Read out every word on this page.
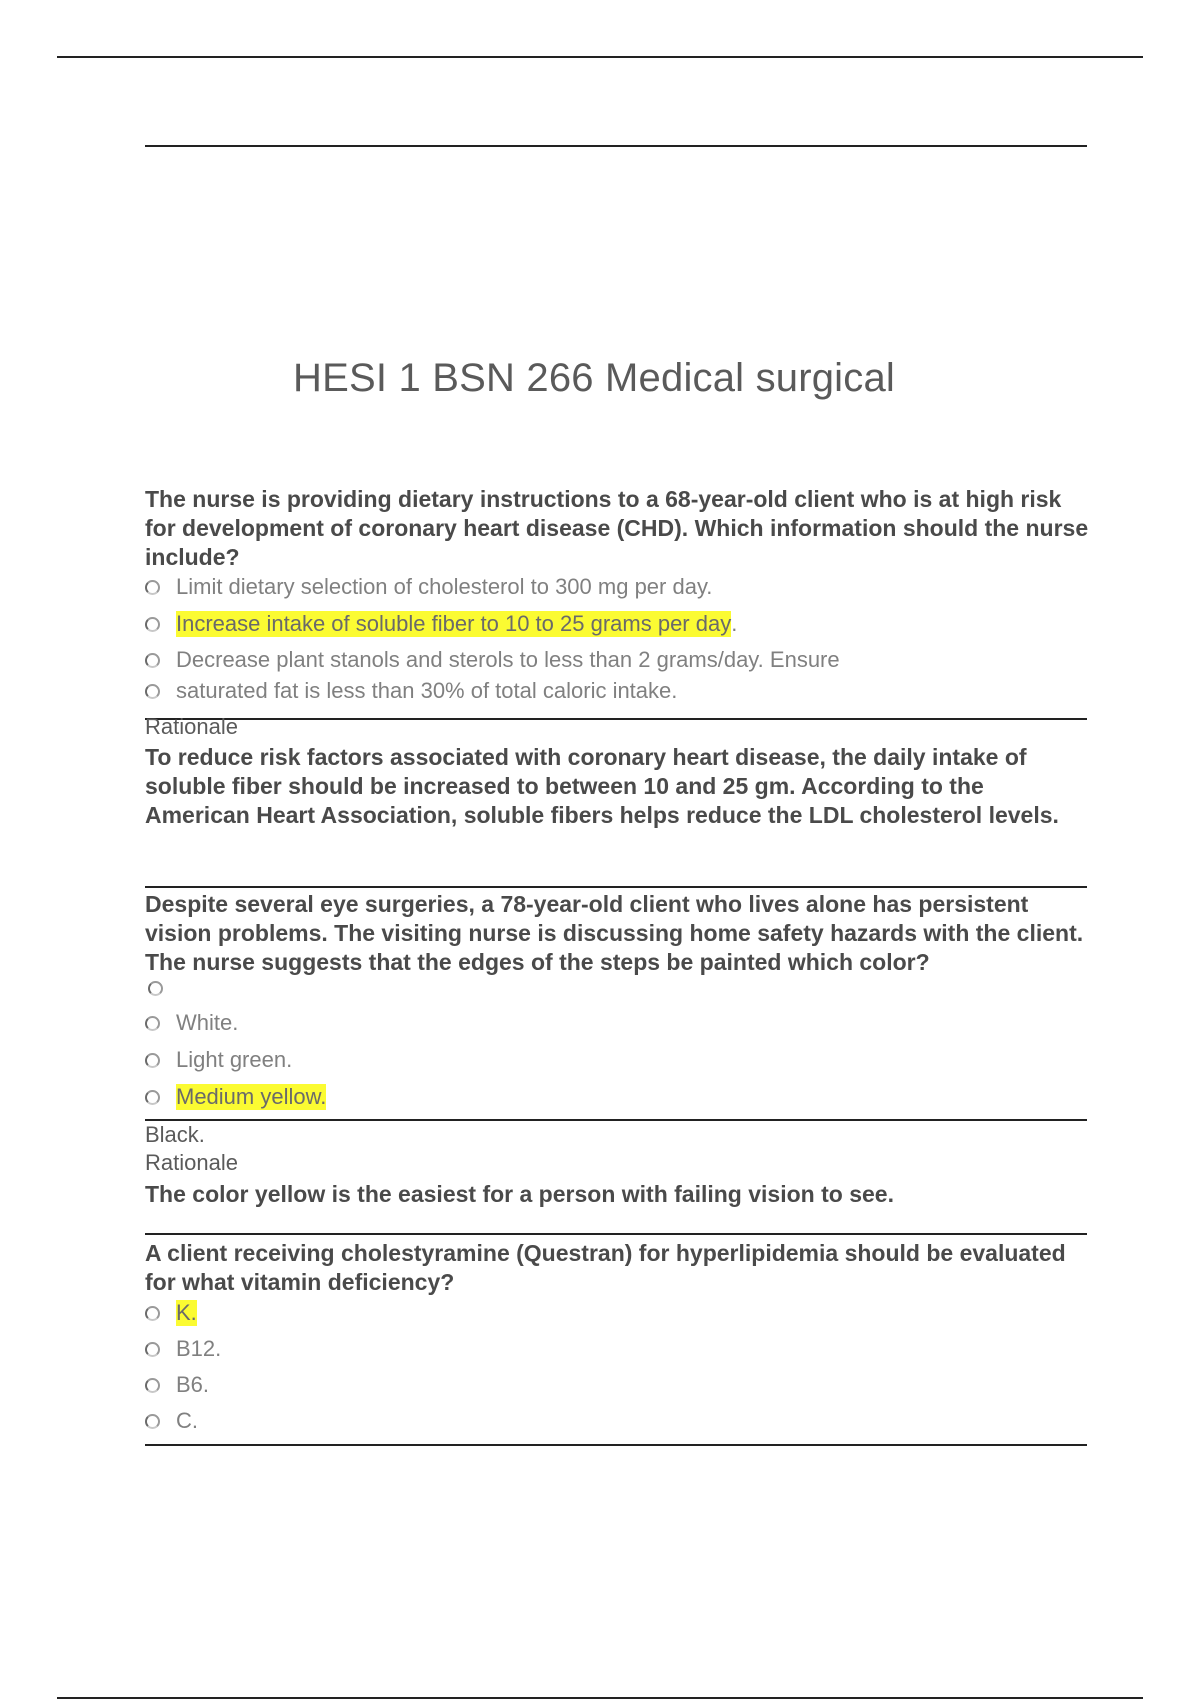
HESI 1 BSN 266 Medical surgical
The nurse is providing dietary instructions to a 68-year-old client who is at high risk for development of coronary heart disease (CHD). Which information should the nurse include?
Limit dietary selection of cholesterol to 300 mg per day.
Increase intake of soluble fiber to 10 to 25 grams per day .
Decrease plant stanols and sterols to less than 2 grams/day. Ensure
saturated fat is less than 30% of total caloric intake.
Rationale
To reduce risk factors associated with coronary heart disease, the daily intake of soluble fiber should be increased to between 10 and 25 gm. According to the American Heart Association, soluble fibers helps reduce the LDL cholesterol levels.
Despite several eye surgeries, a 78-year-old client who lives alone has persistent vision problems. The visiting nurse is discussing home safety hazards with the client. The nurse suggests that the edges of the steps be painted which color?
White.
Light green.
Medium yellow.
Black.
Rationale
The color yellow is the easiest for a person with failing vision to see.
A client receiving cholestyramine (Questran) for hyperlipidemia should be evaluated for what vitamin deficiency?
K.
B12.
B6.
C.
